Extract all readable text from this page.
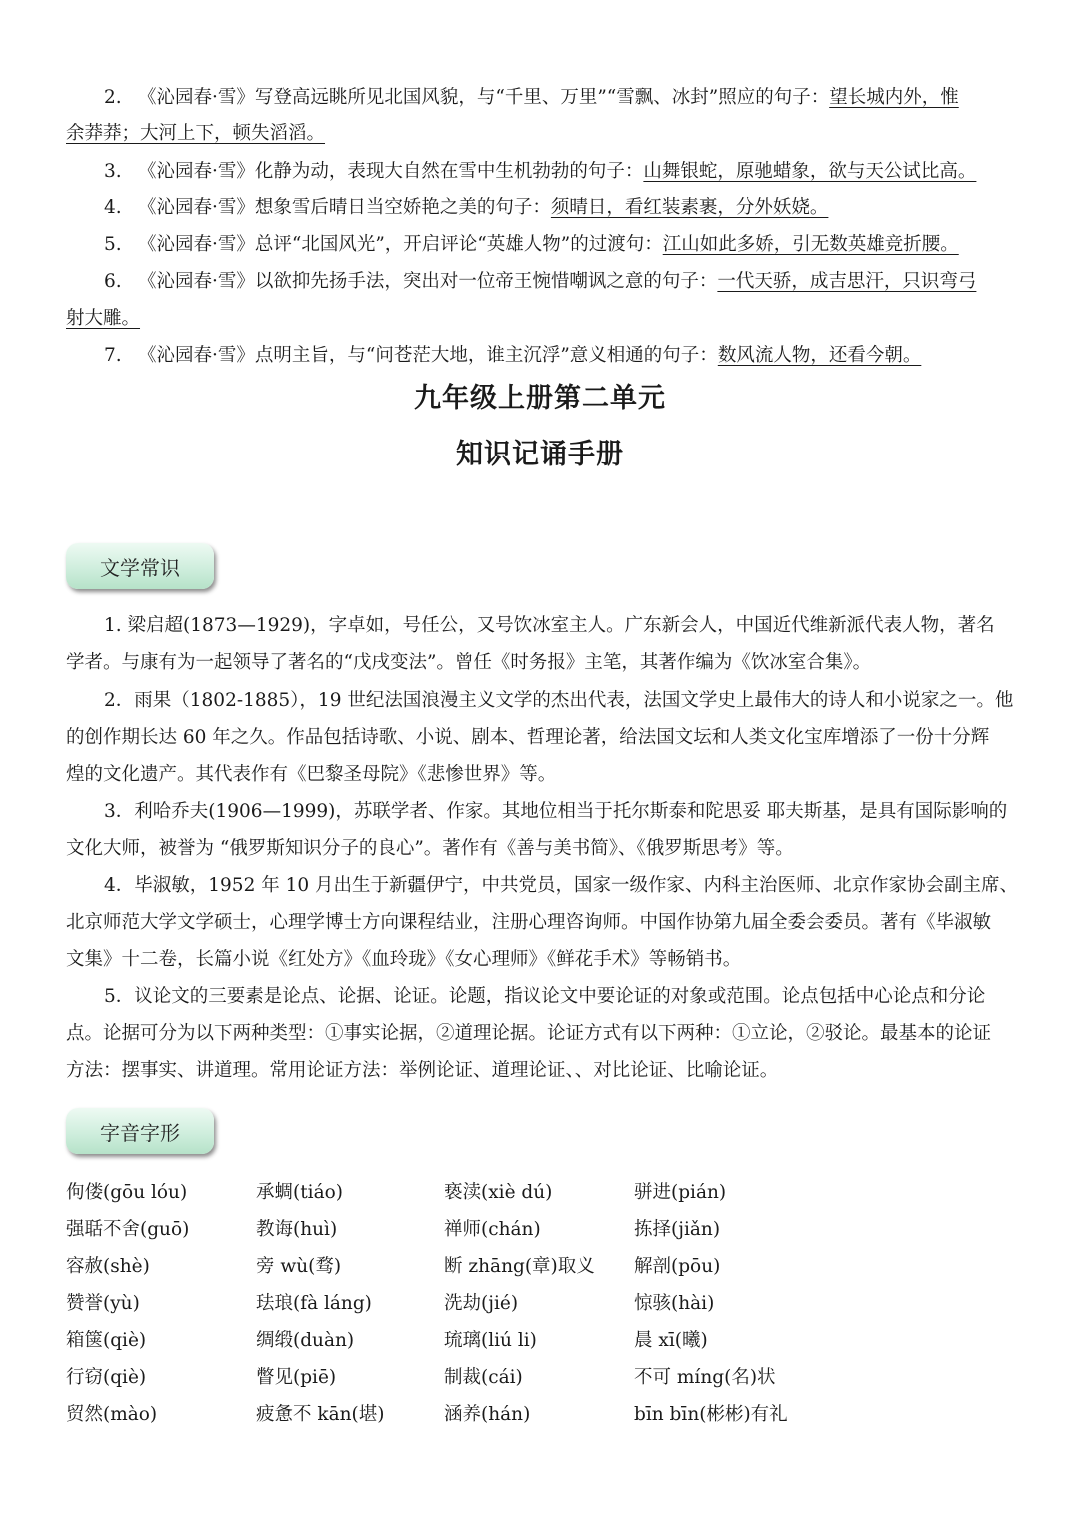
2. 《沁园春·雪》写登高远眺所见北国风貌，与“千里、万里”“雪飘、冰封”照应的句子：望长城内外，惟
余莽莽；大河上下，顿失滔滔。
3. 《沁园春·雪》化静为动，表现大自然在雪中生机勃勃的句子：山舞银蛇，原驰蜡象，欲与天公试比高。
4. 《沁园春·雪》想象雪后晴日当空娇艳之美的句子：须晴日，看红装素裹，分外妖娆。
5. 《沁园春·雪》总评“北国风光”，开启评论“英雄人物”的过渡句：江山如此多娇，引无数英雄竞折腰。
6. 《沁园春·雪》以欲抑先扬手法，突出对一位帝王惋惜嘲讽之意的句子：一代天骄，成吉思汗，只识弯弓
射大雕。
7. 《沁园春·雪》点明主旨，与“问苍茫大地，谁主沉浮”意义相通的句子：数风流人物，还看今朝。
九年级上册第二单元
知识记诵手册
文学常识
1. 梁启超(1873—1929)，字卓如，号任公，又号饮冰室主人。广东新会人，中国近代维新派代表人物，著名
学者。与康有为一起领导了著名的“戊戌变法”。曾任《时务报》主笔，其著作编为《饮冰室合集》。
2．雨果（1802-1885），19 世纪法国浪漫主义文学的杰出代表，法国文学史上最伟大的诗人和小说家之一。他
的创作期长达 60 年之久。作品包括诗歌、小说、剧本、哲理论著，给法国文坛和人类文化宝库增添了一份十分辉
煌的文化遗产。其代表作有《巴黎圣母院》《悲惨世界》等。
3．利哈乔夫(1906—1999)，苏联学者、作家。其地位相当于托尔斯泰和陀思妥 耶夫斯基，是具有国际影响的
文化大师，被誉为 “俄罗斯知识分子的良心”。著作有《善与美书简》、《俄罗斯思考》等。
4．毕淑敏，1952 年 10 月出生于新疆伊宁，中共党员，国家一级作家、内科主治医师、北京作家协会副主席、
北京师范大学文学硕士，心理学博士方向课程结业，注册心理咨询师。中国作协第九届全委会委员。著有《毕淑敏
文集》十二卷，长篇小说《红处方》《血玲珑》《女心理师》《鲜花手术》等畅销书。
5．议论文的三要素是论点、论据、论证。论题，指议论文中要论证的对象或范围。论点包括中心论点和分论
点。论据可分为以下两种类型：①事实论据，②道理论据。论证方式有以下两种：①立论，②驳论。最基本的论证
方法：摆事实、讲道理。常用论证方法：举例论证、道理论证、、对比论证、比喻论证。
字音字形
佝偻(gōu lóu)
强聒不舍(guō)
容赦(shè)
赞誉(yù)
箱箧(qiè)
行窃(qiè)
贸然(mào)
承蜩(tiáo)
教诲(huì)
旁 wù(骛)
珐琅(fà láng)
绸缎(duàn)
瞥见(piē)
疲惫不 kān(堪)
亵渎(xiè dú)
禅师(chán)
断 zhāng(章)取义
洗劫(jié)
琉璃(liú li)
制裁(cái)
涵养(hán)
骈进(pián)
拣择(jiǎn)
解剖(pōu)
惊骇(hài)
晨 xī(曦)
不可 míng(名)状
bīn bīn(彬彬)有礼
